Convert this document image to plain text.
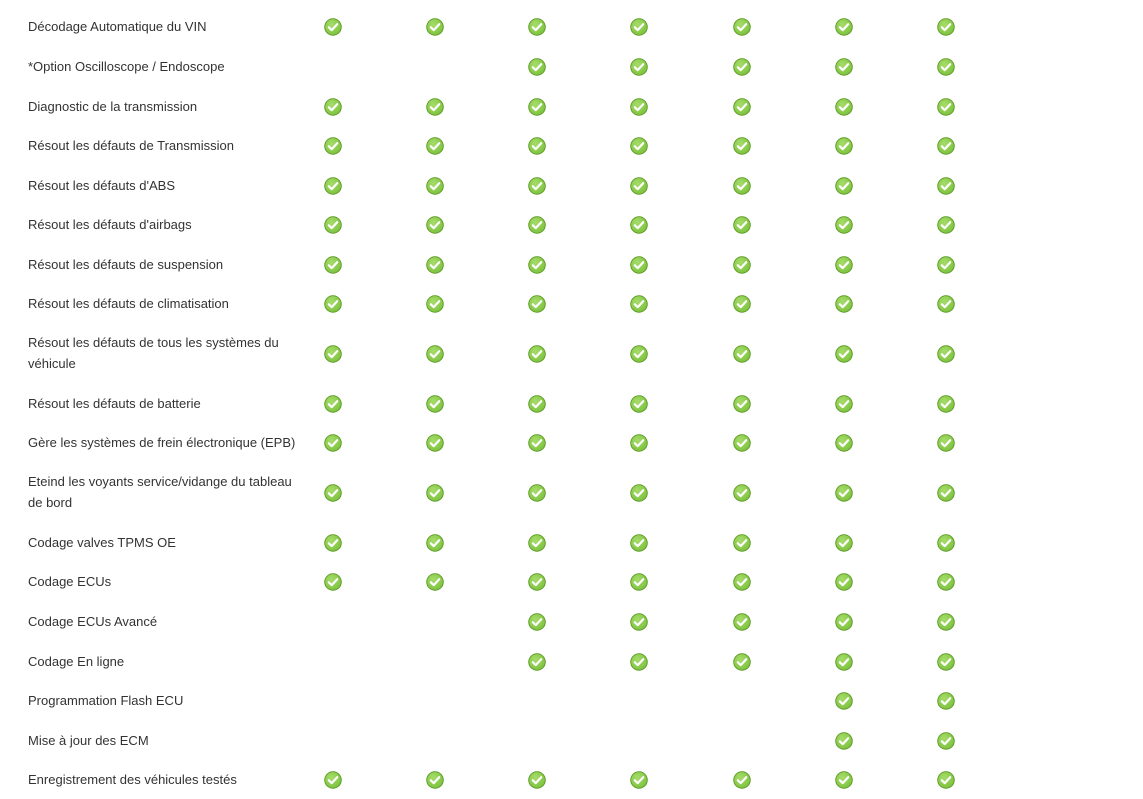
Décodage Automatique du VIN
*Option Oscilloscope / Endoscope
Diagnostic de la transmission
Résout les défauts de Transmission
Résout les défauts d'ABS
Résout les défauts d'airbags
Résout les défauts de suspension
Résout les défauts de climatisation
Résout les défauts de tous les systèmes du véhicule
Résout les défauts de batterie
Gère les systèmes de frein électronique (EPB)
Eteind les voyants service/vidange du tableau de bord
Codage valves TPMS OE
Codage ECUs
Codage ECUs Avancé
Codage En ligne
Programmation Flash ECU
Mise à jour des ECM
Enregistrement des véhicules testés
